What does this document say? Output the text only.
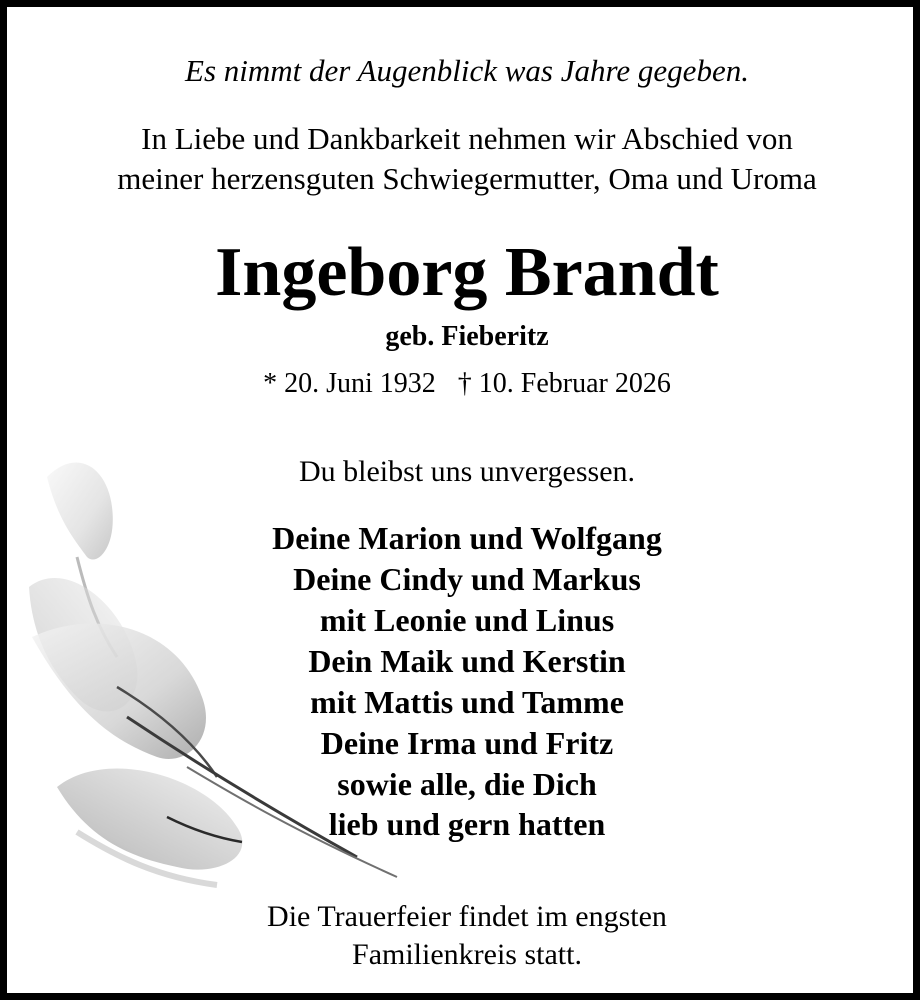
Es nimmt der Augenblick was Jahre gegeben.
In Liebe und Dankbarkeit nehmen wir Abschied von
meiner herzensguten Schwiegermutter, Oma und Uroma
Ingeborg Brandt
geb. Fieberitz
* 20. Juni 1932 † 10. Februar 2026
Du bleibst uns unvergessen.
Deine Marion und Wolfgang
Deine Cindy und Markus
mit Leonie und Linus
Dein Maik und Kerstin
mit Mattis und Tamme
Deine Irma und Fritz
sowie alle, die Dich
lieb und gern hatten
Die Trauerfeier findet im engsten
Familienkreis statt.
